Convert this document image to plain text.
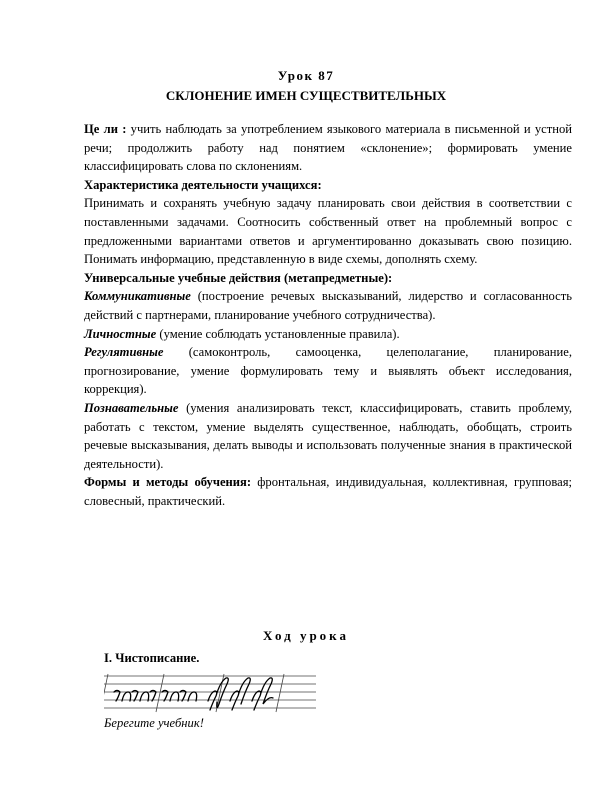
Урок 87
СКЛОНЕНИЕ ИМЕН СУЩЕСТВИТЕЛЬНЫХ

Це ли : учить наблюдать за употреблением языкового материала в письменной и устной речи; продолжить работу над понятием «склонение»; формировать умение классифицировать слова по склонениям.

Характеристика деятельности учащихся:

Принимать и сохранять учебную задачу планировать свои действия в соответствии с поставленными задачами. Соотносить собственный ответ на проблемный вопрос с предложенными вариантами ответов и аргументированно доказывать свою позицию. Понимать информацию, представленную в виде схемы, дополнять схему.

Универсальные учебные действия (метапредметные):

Коммуникативные (построение речевых высказываний, лидерство и согласованность действий с партнерами, планирование учебного сотрудничества).

Личностные (умение соблюдать установленные правила).

Регулятивные (самоконтроль, самооценка, целеполагание, планирование, прогнозирование, умение формулировать тему и выявлять объект исследования, коррекция).

Познавательные (умения анализировать текст, классифицировать, ставить проблему, работать с текстом, умение выделять существенное, наблюдать, обобщать, строить речевые высказывания, делать выводы и использовать полученные знания в практической деятельности).

Формы и методы обучения: фронтальная, индивидуальная, коллективная, групповая; словесный, практический.

Ход урока
I. Чистописание.
Берегите учебник!
